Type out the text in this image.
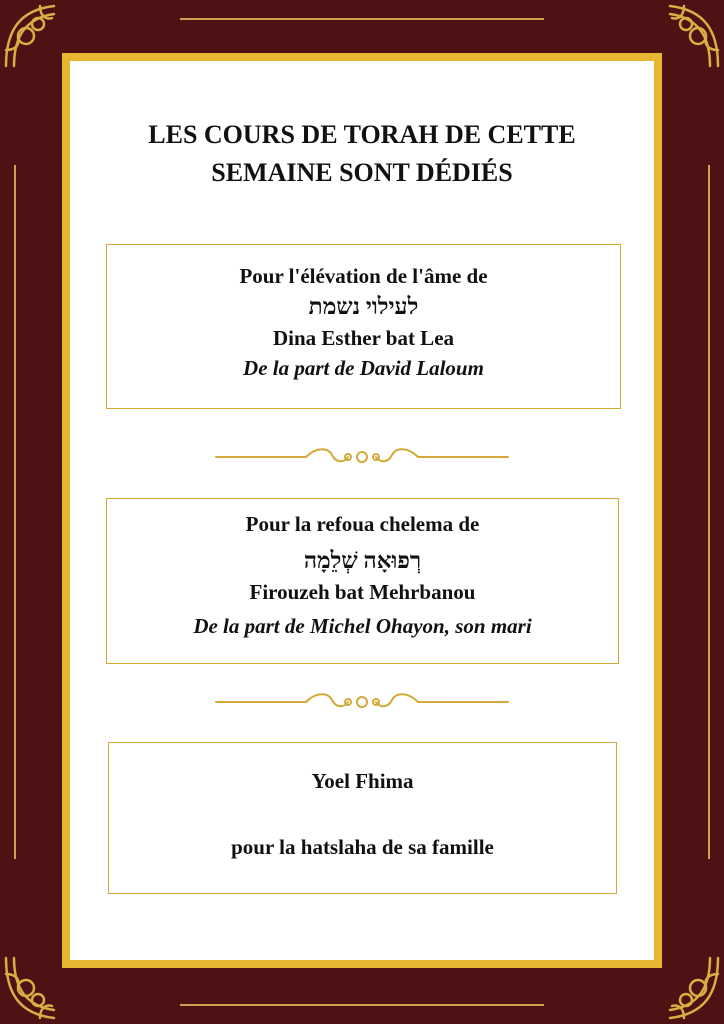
LES COURS DE TORAH DE CETTE
SEMAINE SONT DÉDIÉS
Pour l'élévation de l'âme de
לעילוי נשמת
Dina Esther bat Lea
De la part de David Laloum
Pour la refoua chelema de
רְפוּאָה שְׁלֵמָה
Firouzeh bat Mehrbanou
De la part de Michel Ohayon, son mari
Yoel Fhima
pour la hatslaha de sa famille
